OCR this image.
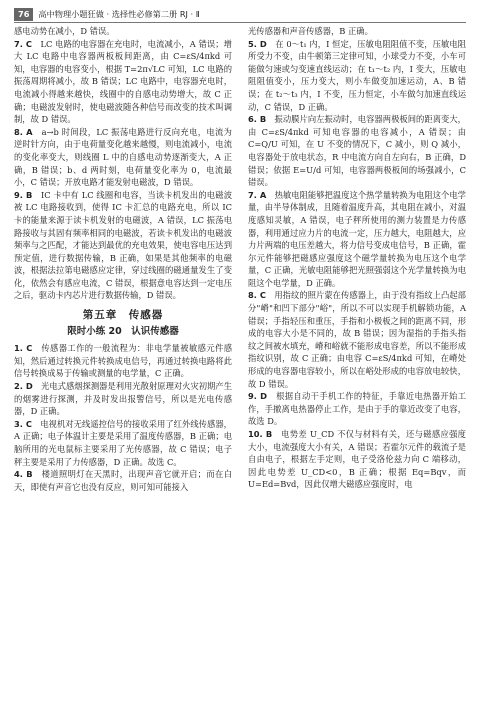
76	高中物理小题狂做 · 选择性必修第二册 RJ · Ⅱ

感电动势在减小，D 错误。

7. C　 LC 电路的电容器在充电时，电流减小，A 错误；增大 LC 电路中电容器两板板间距离，由 C=εS/4πkd 可知，电容器的电容变小，根据 T=2π√LC 可知，LC 电路的振荡周期将减小，故 B 错误；LC 电路中，电容器充电时，电流减小得越来越快，线圈中的自感电动势增大，故 C 正确；电磁波发射时，使电磁波随各种信号而改变的技术叫调制，故 D 错误。

8. A　 a→b 时间段，LC 振荡电路进行反向充电，电流为逆时针方向，由于电荷量变化越来越慢，则电流减小，电流的变化率变大，则线圈 L 中的自感电动势逐渐变大，A 正确，B 错误；b、d 两时刻，电荷量变化率为 0，电流最小，C 错误；开放电路才能发射电磁波，D 错误。

9. B　 IC 卡中有 LC 线圈和电容，当读卡机发出的电磁波被 LC 电路接收到，使得 IC 卡汇总的电路充电，所以 IC 卡的能量来源于读卡机发射的电磁波，A 错误，LC 振荡电路接收与其固有频率相同的电磁波，若读卡机发出的电磁波频率与之匹配，才能达到最优的充电效果，使电容电压达到预定值，进行数据传输，B 正确，如果是其他频率的电磁波，根据法拉第电磁感应定律，穿过线圈的磁通量发生了变化，依然会有感应电流，C 错误，根据意电容达到一定电压之后，驱动卡内芯片进行数据传输，D 错误。

第五章　传感器
限时小练 20　认识传感器

1. C　 传感器工作的一般流程为：非电学量被敏感元件感知，然后通过转换元件转换成电信号，再通过转换电路将此信号转换成易于传输或测量的电学量，C 正确。

2. D　 光电式感烟探测器是利用光散射原理对火灾初期产生的烟雾进行探测，并及时发出报警信号，所以是光电传感器，D 正确。

3. C　 电视机对无线遥控信号的接收采用了红外线传感器，A 正确；电子体温计主要是采用了温度传感器，B 正确；电脑所用的光电鼠标主要采用了光传感器，故 C 错误；电子秤主要是采用了力传感器，D 正确。故选 C。

4. B　 楼道照明灯在天黑时，出现声音它就开启；而在白天，即使有声音它也没有反应，则可知可能接入

光传感器和声音传感器，B 正确。

5. D　 在 0～t₁ 内，I 恒定，压敏电阻阻值不变，压敏电阻所受力不变，由牛顿第三定律可知，小球受力不变，小车可能做匀速或匀变速直线运动；在 t₁～t₂ 内，I 变大，压敏电阻阻值变小，压力变大，则小车做变加速运动，A、B 错误；在 t₂～t₃ 内，I 不变，压力恒定，小车做匀加速直线运动，C 错误，D 正确。

6. B　 振动膜片向左振动时，电容器两极板间的距离变大，由 C=εS/4πkd 可知电容器的电容减小，A 错误；由 C=Q/U 可知，在 U 不变的情况下，C 减小，则 Q 减小，电容器处于放电状态，R 中电流方向自左向右，B 正确，D 错误；依据 E=U/d 可知，电容器两极板间的场强减小，C 错误。

7. A　 热敏电阻能够把温度这个热学量转换为电阻这个电学量，由半导体制成，且随着温度升高，其电阻在减小，对温度感知灵敏，A 错误，电子秤所使用的测力装置是力传感器，利用通过应力片的电流一定，压力越大，电阻越大，应力片两端的电压差越大，将力信号变成电信号，B 正确，霍尔元件能够把磁感应强度这个磁学量转换为电压这个电学量，C 正确，光敏电阻能够把光照强弱这个光学量转换为电阻这个电学量，D 正确。

8. C　 用指纹的照片蒙在传感器上，由于没有指纹上凸起部分"嵴"和凹下部分"峪"，所以不可以实现手机解锁功能，A 错误；手指轻压和重压，手指和小极板之间的距离不同，形成的电容大小是不同的，故 B 错误；因为湿指的手指头指纹之间被水填充，嵴和峪就不能形成电容差，所以不能形成指纹识别，故 C 正确；由电容 C=εS/4πkd 可知，在嵴处形成的电容器电容较小，所以在峪处形成的电容放电较快，故 D 错误。

9. D　 根据自动干手机工作的特征，手靠近电热器开始工作，手撤离电热器停止工作，是由于手的靠近改变了电容，故选 D。

10. B　 电势差 U_CD 不仅与材料有关，还与磁感应强度大小，电流强度大小有关，A 错误；若霍尔元件的载流子是自由电子，根据左手定则，电子受洛伦兹力向 C 端移动，因此电势差 U_CD<0，B 正确；根据 Eq=Bqv，而 U=Ed=Bvd，因此仅增大磁感应强度时，电
